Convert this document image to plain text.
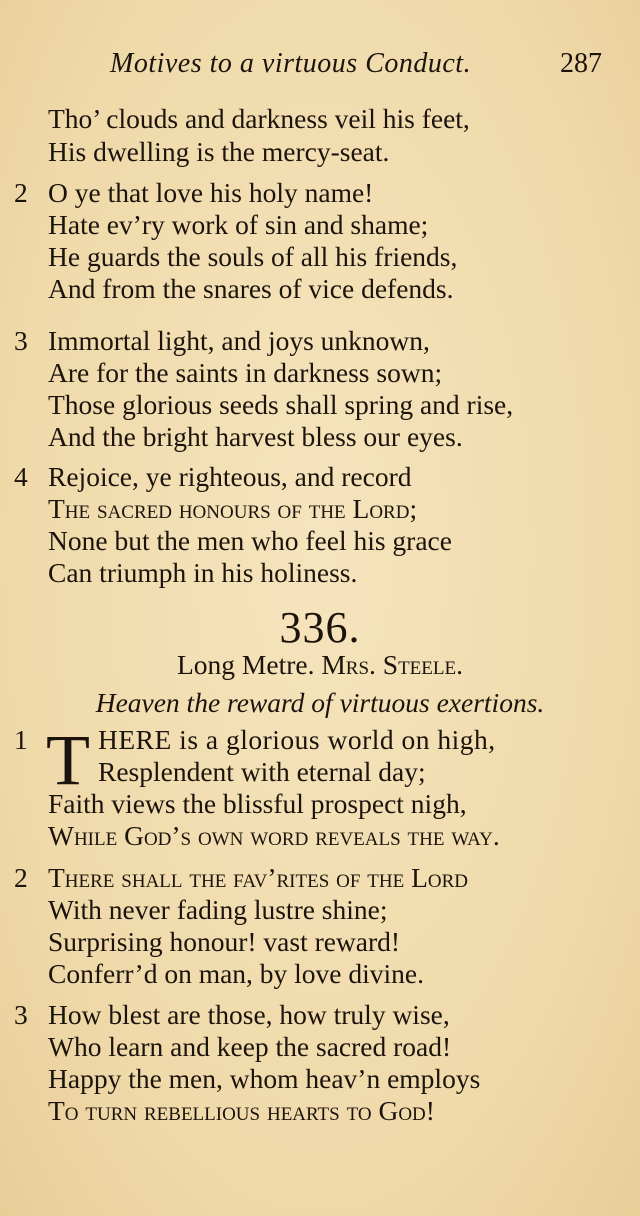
Motives to a virtuous Conduct.	287
Tho’ clouds and darkness veil his feet,
His dwelling is the mercy-seat.
2 O ye that love his holy name!
Hate ev’ry work of sin and shame;
He guards the souls of all his friends,
And from the snares of vice defends.
3 Immortal light, and joys unknown,
Are for the saints in darkness sown;
Those glorious seeds shall spring and rise,
And the bright harvest bless our eyes.
4 Rejoice, ye righteous, and record
The sacred honours of the Lord;
None but the men who feel his grace
Can triumph in his holiness.
336.
Long Metre. Mrs. Steele.
Heaven the reward of virtuous exertions.
1 T HERE is a glorious world on high,
Resplendent with eternal day;
Faith views the blissful prospect nigh,
While God’s own word reveals the way.
2 There shall the fav’rites of the Lord
With never fading lustre shine;
Surprising honour! vast reward!
Conferr’d on man, by love divine.
3 How blest are those, how truly wise,
Who learn and keep the sacred road!
Happy the men, whom heav’n employs
To turn rebellious hearts to God!
